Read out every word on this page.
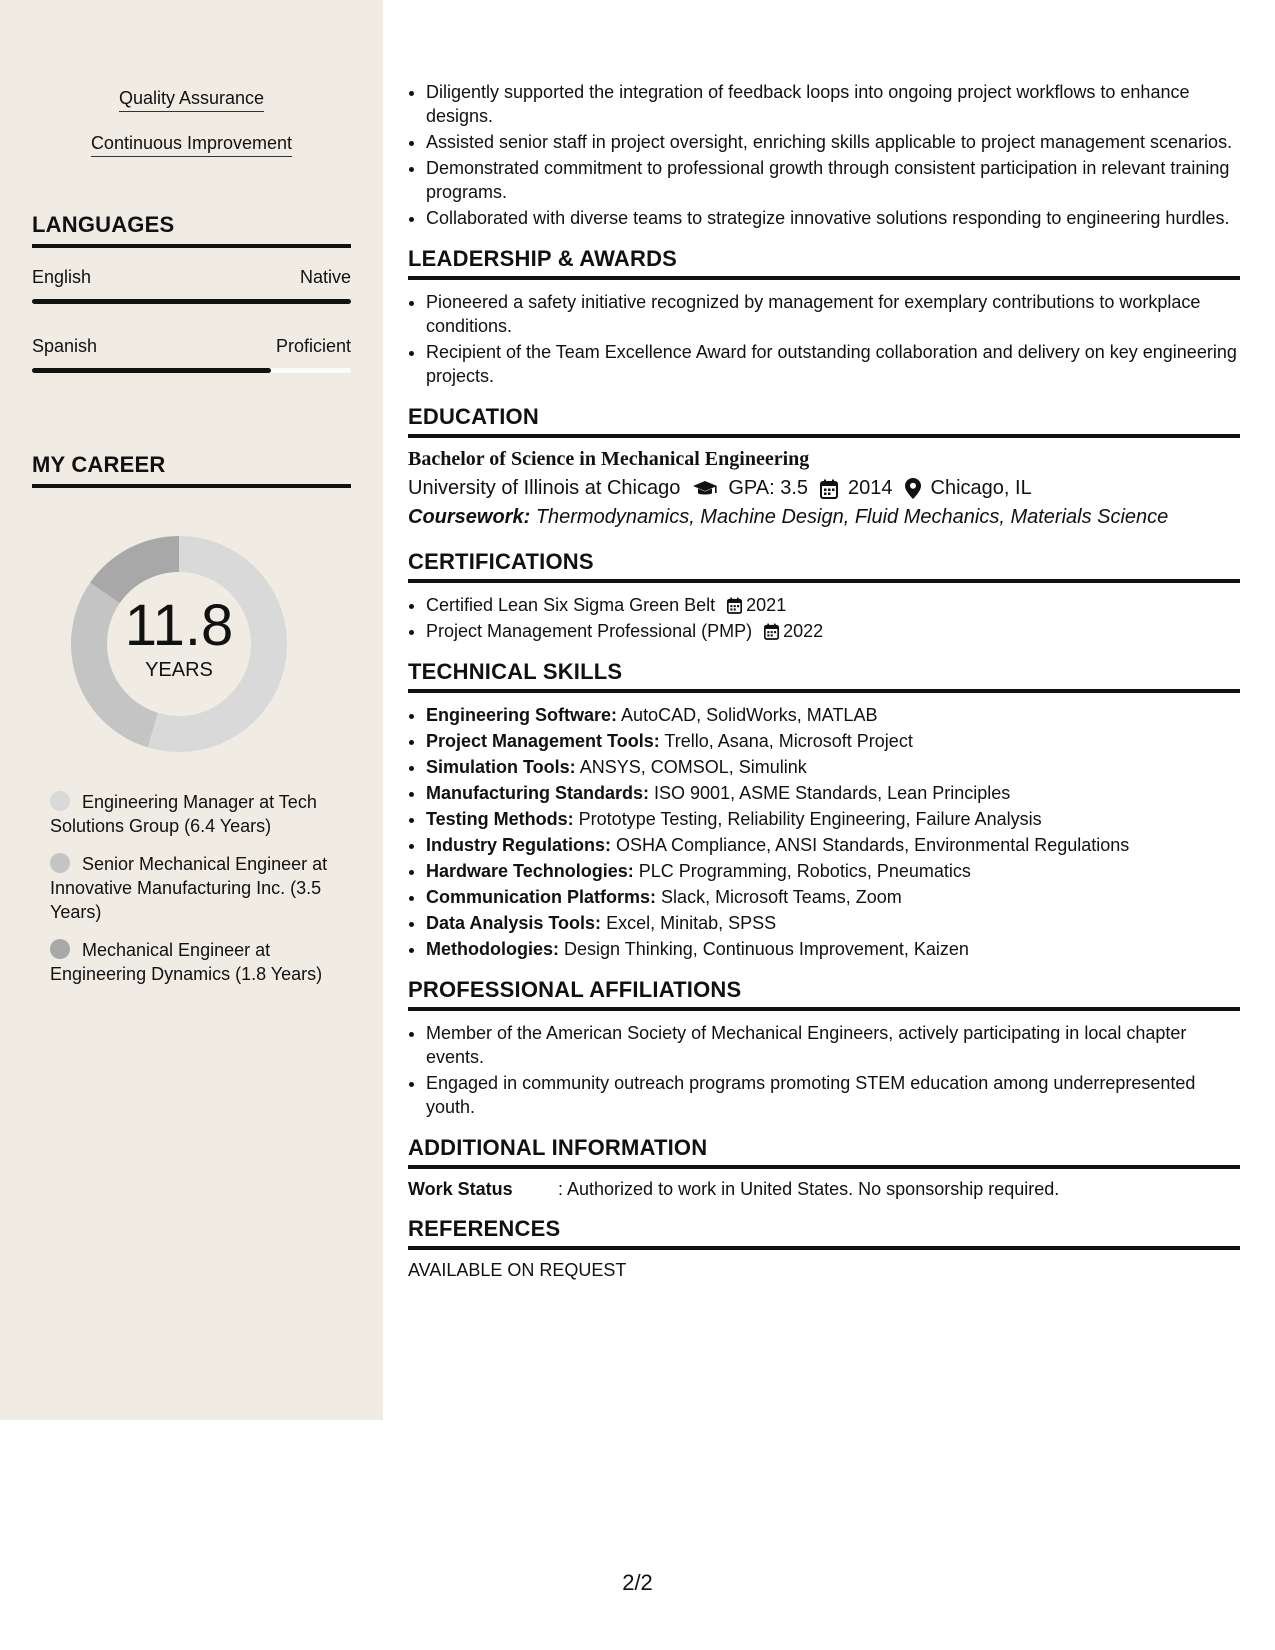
Quality Assurance
Continuous Improvement
LANGUAGES
English	Native
Spanish	Proficient
MY CAREER
11.8
YEARS
Engineering Manager at Tech Solutions Group (6.4 Years)
Senior Mechanical Engineer at Innovative Manufacturing Inc. (3.5 Years)
Mechanical Engineer at Engineering Dynamics (1.8 Years)
• Diligently supported the integration of feedback loops into ongoing project workflows to enhance designs.
• Assisted senior staff in project oversight, enriching skills applicable to project management scenarios.
• Demonstrated commitment to professional growth through consistent participation in relevant training programs.
• Collaborated with diverse teams to strategize innovative solutions responding to engineering hurdles.
LEADERSHIP & AWARDS
• Pioneered a safety initiative recognized by management for exemplary contributions to workplace conditions.
• Recipient of the Team Excellence Award for outstanding collaboration and delivery on key engineering projects.
EDUCATION
Bachelor of Science in Mechanical Engineering
University of Illinois at Chicago GPA: 3.5 2014 Chicago, IL
Coursework: Thermodynamics, Machine Design, Fluid Mechanics, Materials Science
CERTIFICATIONS
• Certified Lean Six Sigma Green Belt 2021
• Project Management Professional (PMP) 2022
TECHNICAL SKILLS
• Engineering Software: AutoCAD, SolidWorks, MATLAB
• Project Management Tools: Trello, Asana, Microsoft Project
• Simulation Tools: ANSYS, COMSOL, Simulink
• Manufacturing Standards: ISO 9001, ASME Standards, Lean Principles
• Testing Methods: Prototype Testing, Reliability Engineering, Failure Analysis
• Industry Regulations: OSHA Compliance, ANSI Standards, Environmental Regulations
• Hardware Technologies: PLC Programming, Robotics, Pneumatics
• Communication Platforms: Slack, Microsoft Teams, Zoom
• Data Analysis Tools: Excel, Minitab, SPSS
• Methodologies: Design Thinking, Continuous Improvement, Kaizen
PROFESSIONAL AFFILIATIONS
• Member of the American Society of Mechanical Engineers, actively participating in local chapter events.
• Engaged in community outreach programs promoting STEM education among underrepresented youth.
ADDITIONAL INFORMATION
Work Status	: Authorized to work in United States. No sponsorship required.
REFERENCES
AVAILABLE ON REQUEST
2/2
